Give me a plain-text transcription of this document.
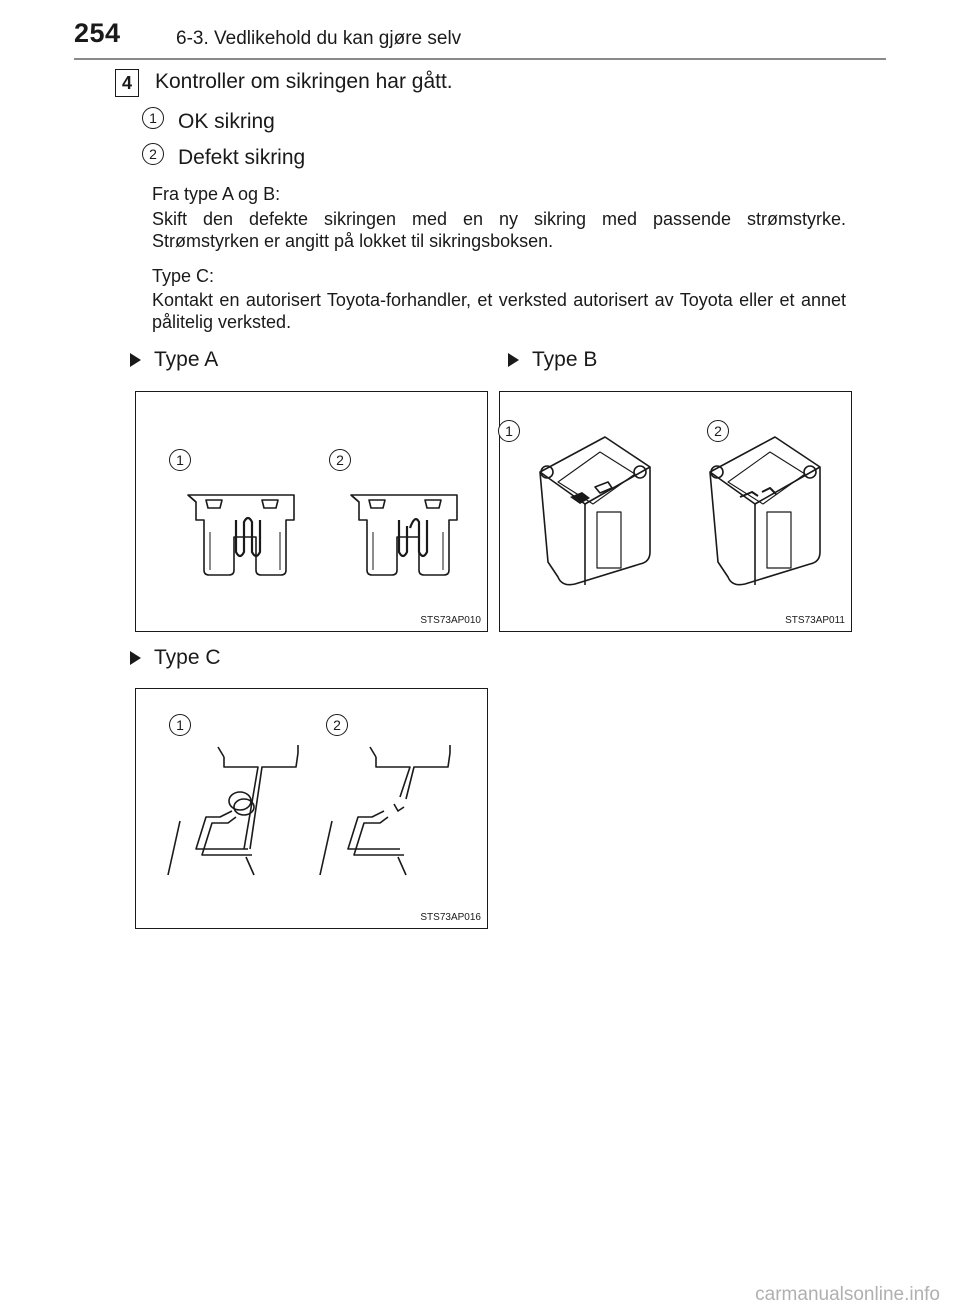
254	6-3. Vedlikehold du kan gjøre selv
4	Kontroller om sikringen har gått.
1	OK sikring
2	Defekt sikring
Fra type A og B:
Skift den defekte sikringen med en ny sikring med passende strømstyrke. Strømstyrken er angitt på lokket til sikringsboksen.
Type C:
Kontakt en autorisert Toyota-forhandler, et verksted autorisert av Toyota eller et annet pålitelig verksted.
Type A	Type B
1	2
STS73AP010
1	2
STS73AP011
Type C
1	2
STS73AP016
carmanualsonline.info
